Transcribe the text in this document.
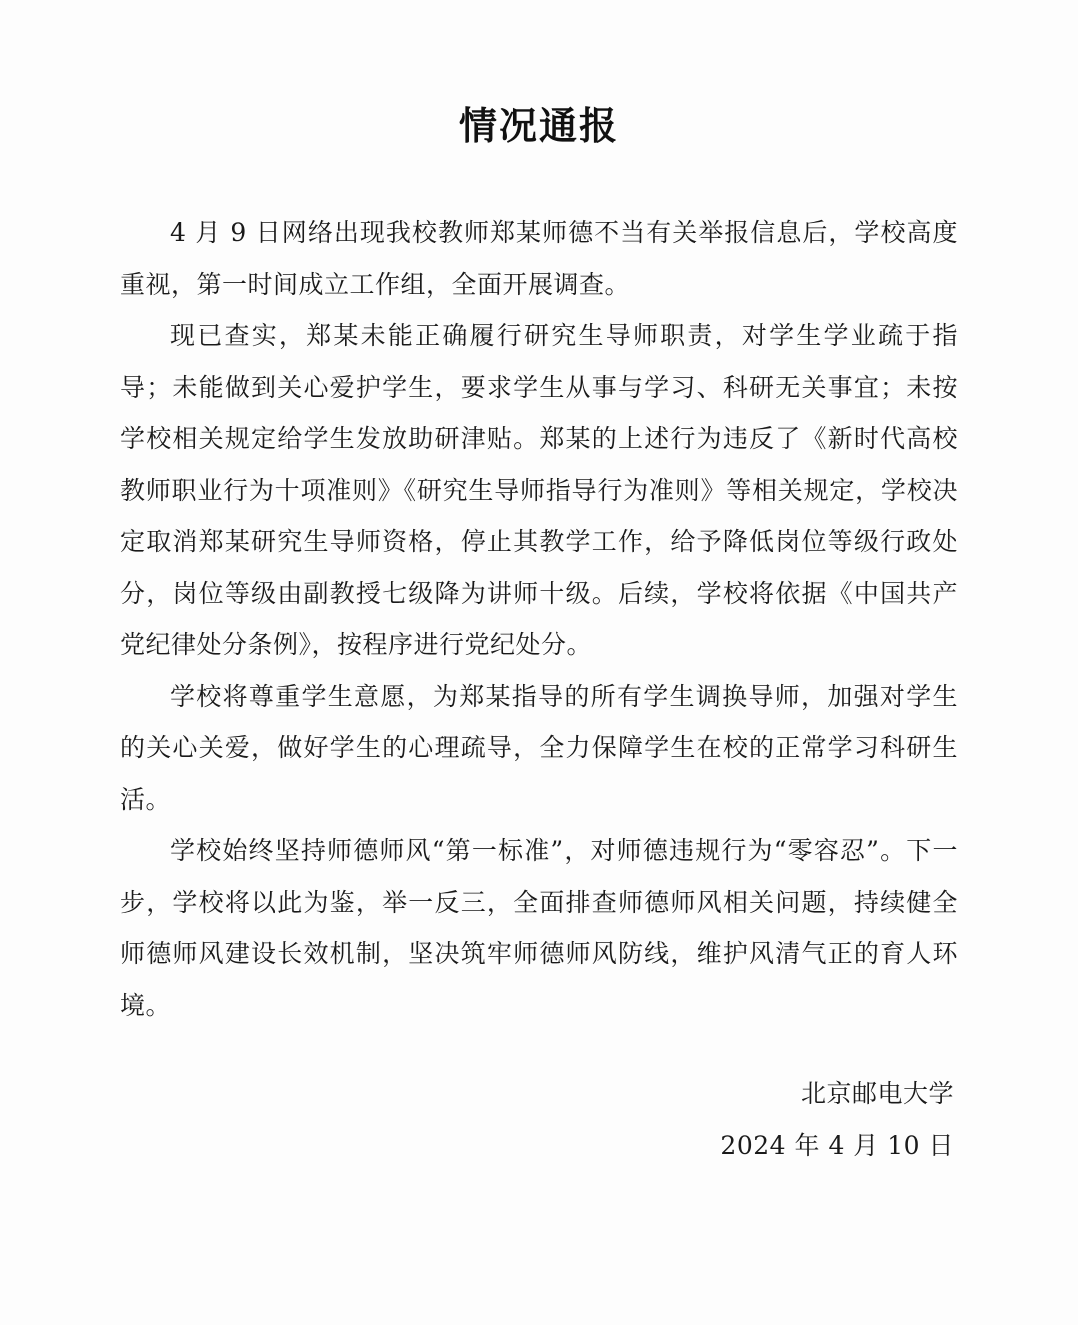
情况通报

4 月 9 日网络出现我校教师郑某师德不当有关举报信息后，学校高度重视，第一时间成立工作组，全面开展调查。

现已查实，郑某未能正确履行研究生导师职责，对学生学业疏于指导；未能做到关心爱护学生，要求学生从事与学习、科研无关事宜；未按学校相关规定给学生发放助研津贴。郑某的上述行为违反了《新时代高校教师职业行为十项准则》《研究生导师指导行为准则》等相关规定，学校决定取消郑某研究生导师资格，停止其教学工作，给予降低岗位等级行政处分，岗位等级由副教授七级降为讲师十级。后续，学校将依据《中国共产党纪律处分条例》，按程序进行党纪处分。

学校将尊重学生意愿，为郑某指导的所有学生调换导师，加强对学生的关心关爱，做好学生的心理疏导，全力保障学生在校的正常学习科研生活。

学校始终坚持师德师风“第一标准”，对师德违规行为“零容忍”。下一步，学校将以此为鉴，举一反三，全面排查师德师风相关问题，持续健全师德师风建设长效机制，坚决筑牢师德师风防线，维护风清气正的育人环境。

北京邮电大学
2024 年 4 月 10 日
